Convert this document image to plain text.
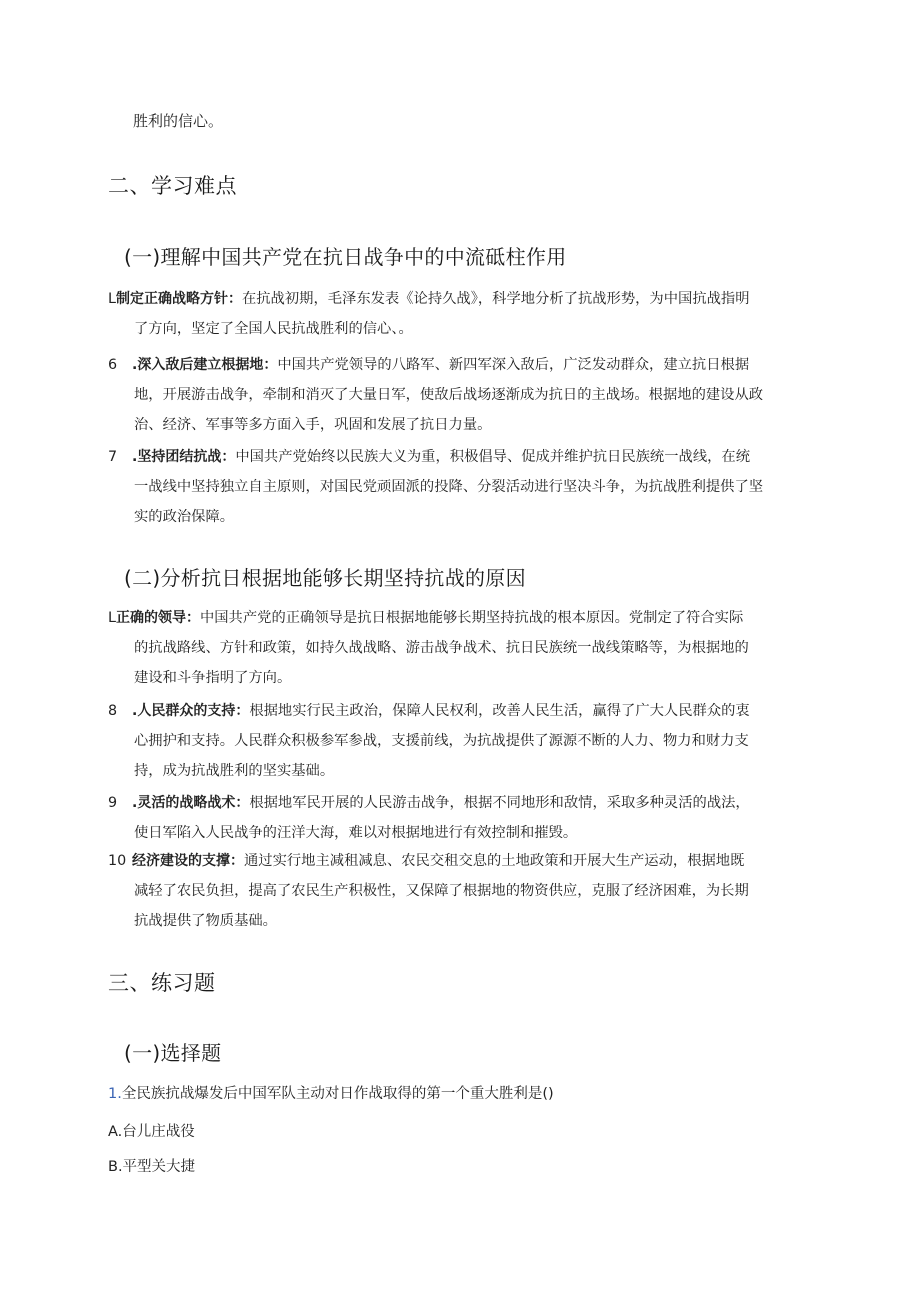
胜利的信心。
二、学习难点
(一)理解中国共产党在抗日战争中的中流砥柱作用

L制定正确战略方针：在抗战初期，毛泽东发表《论持久战》，科学地分析了抗战形势，为中国抗战指明

了方向，坚定了全国人民抗战胜利的信心、。

6 .深入敌后建立根据地：中国共产党领导的八路军、新四军深入敌后，广泛发动群众，建立抗日根据

地，开展游击战争，牵制和消灭了大量日军，使敌后战场逐渐成为抗日的主战场。根据地的建设从政

治、经济、军事等多方面入手，巩固和发展了抗日力量。

7 .坚持团结抗战：中国共产党始终以民族大义为重，积极倡导、促成并维护抗日民族统一战线，在统

一战线中坚持独立自主原则，对国民党顽固派的投降、分裂活动进行坚决斗争，为抗战胜利提供了坚

实的政治保障。

(二)分析抗日根据地能够长期坚持抗战的原因

L正确的领导：中国共产党的正确领导是抗日根据地能够长期坚持抗战的根本原因。党制定了符合实际

的抗战路线、方针和政策，如持久战战略、游击战争战术、抗日民族统一战线策略等，为根据地的

建设和斗争指明了方向。

8 .人民群众的支持：根据地实行民主政治，保障人民权利，改善人民生活，赢得了广大人民群众的衷

心拥护和支持。人民群众积极参军参战，支援前线，为抗战提供了源源不断的人力、物力和财力支

持，成为抗战胜利的坚实基础。

9 .灵活的战略战术：根据地军民开展的人民游击战争，根据不同地形和敌情，采取多种灵活的战法，

使日军陷入人民战争的汪洋大海，难以对根据地进行有效控制和摧毁。

10 经济建设的支撑：通过实行地主减租减息、农民交租交息的土地政策和开展大生产运动，根据地既

减轻了农民负担，提高了农民生产积极性，又保障了根据地的物资供应，克服了经济困难，为长期

抗战提供了物质基础。

三、练习题
(一)选择题
1.全民族抗战爆发后中国军队主动对日作战取得的第一个重大胜利是()
A.台儿庄战役
B.平型关大捷
